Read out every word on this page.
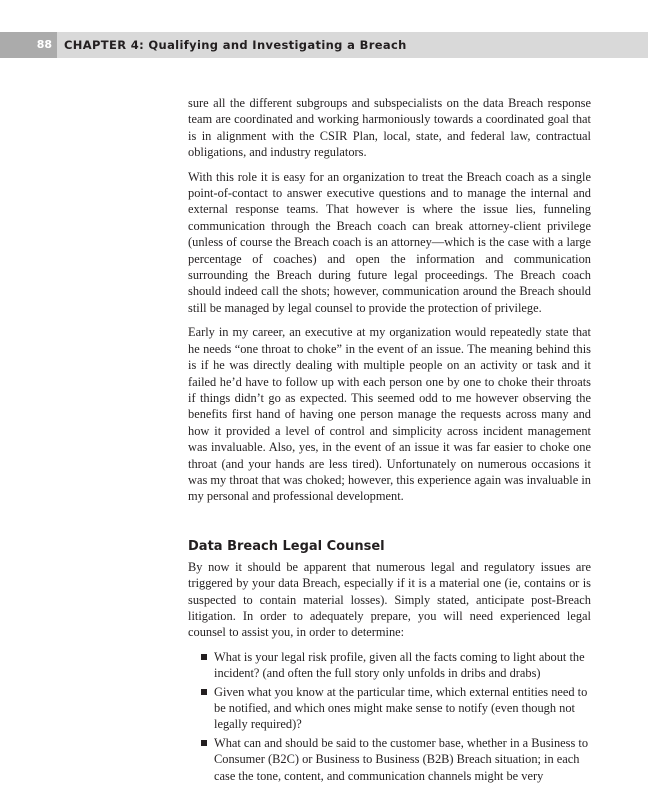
88	CHAPTER 4: Qualifying and Investigating a Breach

sure all the different subgroups and subspecialists on the data Breach response team are coordinated and working harmoniously towards a coordinated goal that is in alignment with the CSIR Plan, local, state, and federal law, contractual obligations, and industry regulators.

With this role it is easy for an organization to treat the Breach coach as a single point-of-contact to answer executive questions and to manage the internal and external response teams. That however is where the issue lies, funneling communication through the Breach coach can break attorney-client privilege (unless of course the Breach coach is an attorney—which is the case with a large percentage of coaches) and open the information and communication surrounding the Breach during future legal proceedings. The Breach coach should indeed call the shots; however, communication around the Breach should still be managed by legal counsel to provide the protection of privilege.

Early in my career, an executive at my organization would repeatedly state that he needs “one throat to choke” in the event of an issue. The meaning behind this is if he was directly dealing with multiple people on an activity or task and it failed he’d have to follow up with each person one by one to choke their throats if things didn’t go as expected. This seemed odd to me however observing the benefits first hand of having one person manage the requests across many and how it provided a level of control and simplicity across incident management was invaluable. Also, yes, in the event of an issue it was far easier to choke one throat (and your hands are less tired). Unfortunately on numerous occasions it was my throat that was choked; however, this experience again was invaluable in my personal and professional development.

Data Breach Legal Counsel

By now it should be apparent that numerous legal and regulatory issues are triggered by your data Breach, especially if it is a material one (ie, contains or is suspected to contain material losses). Simply stated, anticipate post-Breach litigation. In order to adequately prepare, you will need experienced legal counsel to assist you, in order to determine:

What is your legal risk profile, given all the facts coming to light about the incident? (and often the full story only unfolds in dribs and drabs)
Given what you know at the particular time, which external entities need to be notified, and which ones might make sense to notify (even though not legally required)?
What can and should be said to the customer base, whether in a Business to Consumer (B2C) or Business to Business (B2B) Breach situation; in each case the tone, content, and communication channels might be very
